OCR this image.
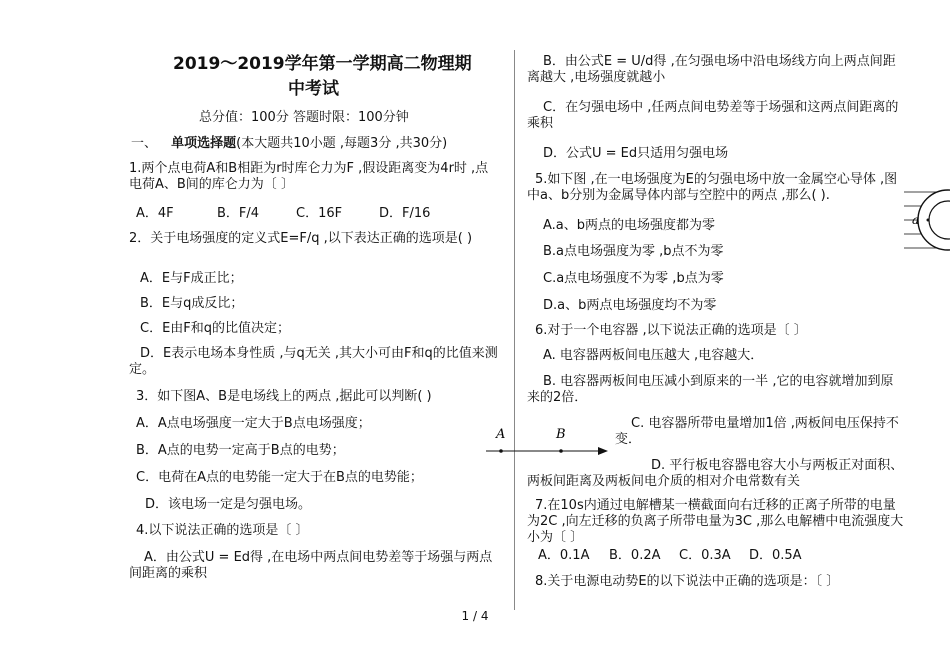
2019～2019学年第一学期高二物理期
中考试
总分值：100分 答题时限：100分钟
一、 单项选择题(本大题共10小题 ,每题3分 ,共30分)
1.两个点电荷A和B相距为r时库仑力为F ,假设距离变为4r时 ,点电荷A、B间的库仑力为〔 〕
A．4F	B．F/4	C．16F	D．F/16
2．关于电场强度的定义式E=F/q ,以下表达正确的选项是( )
A．E与F成正比；
B．E与q成反比；
C．E由F和q的比值决定；
D．E表示电场本身性质 ,与q无关 ,其大小可由F和q的比值来测定。
3．如下图A、B是电场线上的两点 ,据此可以判断( )
A．A点电场强度一定大于B点电场强度；
B．A点的电势一定高于B点的电势；
C．电荷在A点的电势能一定大于在B点的电势能；
D．该电场一定是匀强电场。
4.以下说法正确的选项是〔 〕
A．由公式U = Ed得 ,在电场中两点间电势差等于场强与两点间距离的乘积
B．由公式E = U/d得 ,在匀强电场中沿电场线方向上两点间距离越大 ,电场强度就越小
C．在匀强电场中 ,任两点间电势差等于场强和这两点间距离的乘积
D．公式U = Ed只适用匀强电场
5.如下图 ,在一电场强度为E的匀强电场中放一金属空心导体 ,图中a、b分别为金属导体内部与空腔中的两点 ,那么( ).
A.a、b两点的电场强度都为零
B.a点电场强度为零 ,b点不为零
C.a点电场强度不为零 ,b点为零
D.a、b两点电场强度均不为零
6.对于一个电容器 ,以下说法正确的选项是〔 〕
A. 电容器两板间电压越大 ,电容越大．
B. 电容器两板间电压减小到原来的一半 ,它的电容就增加到原来的2倍．
C. 电容器所带电量增加1倍 ,两板间电压保持不变．
D. 平行板电容器电容大小与两板正对面积、两板间距离及两板间电介质的相对介电常数有关
7.在10s内通过电解槽某一横截面向右迁移的正离子所带的电量为2C ,向左迁移的负离子所带电量为3C ,那么电解槽中电流强度大小为〔 〕
A．0.1A B．0.2A C．0.3A D．0.5A
8.关于电源电动势E的以下说法中正确的选项是：〔 〕
A	B
a
1 / 4
